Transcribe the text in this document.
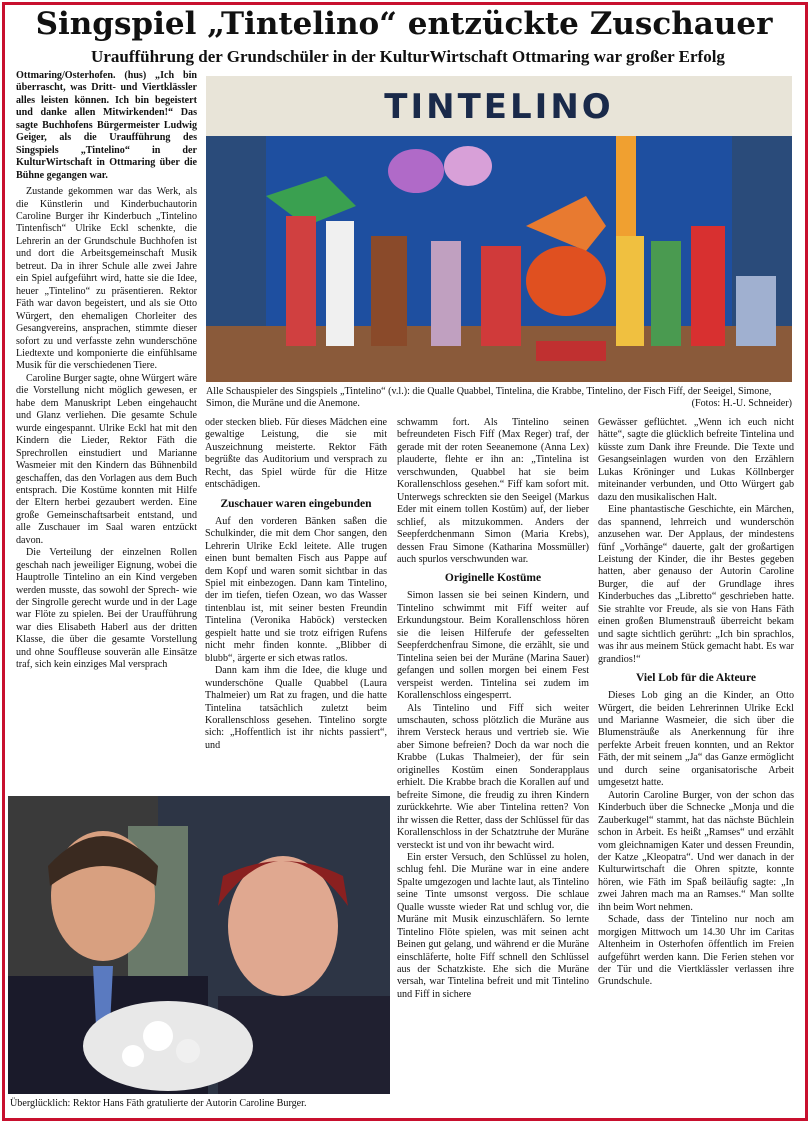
Singspiel „Tintelino“ entzückte Zuschauer
Uraufführung der Grundschüler in der KulturWirtschaft Ottmaring war großer Erfolg

Ottmaring/Osterhofen. (hus) „Ich bin überrascht, was Dritt- und Viertklässler alles leisten können. Ich bin begeistert und danke allen Mitwirkenden!“ Das sagte Buchhofens Bürgermeister Ludwig Geiger, als die Uraufführung des Singspiels „Tintelino“ in der KulturWirtschaft in Ottmaring über die Bühne gegangen war.

Zustande gekommen war das Werk, als die Künstlerin und Kinderbuchautorin Caroline Burger ihr Kinderbuch „Tintelino Tintenfisch“ Ulrike Eckl schenkte, die Lehrerin an der Grundschule Buchhofen ist und dort die Arbeitsgemeinschaft Musik betreut. Da in ihrer Schule alle zwei Jahre ein Spiel aufgeführt wird, hatte sie die Idee, heuer „Tintelino“ zu präsentieren. Rektor Fäth war davon begeistert, und als sie Otto Würgert, den ehemaligen Chorleiter des Gesangvereins, ansprachen, stimmte dieser sofort zu und verfasste zehn wunderschöne Liedtexte und komponierte die einfühlsame Musik für die verschiedenen Tiere.

Caroline Burger sagte, ohne Würgert wäre die Vorstellung nicht möglich gewesen, er habe dem Manuskript Leben eingehaucht und Glanz verliehen. Die gesamte Schule wurde eingespannt. Ulrike Eckl hat mit den Kindern die Lieder, Rektor Fäth die Sprechrollen einstudiert und Marianne Wasmeier mit den Kindern das Bühnenbild geschaffen, das den Vorlagen aus dem Buch entsprach. Die Kostüme konnten mit Hilfe der Eltern herbei gezaubert werden. Eine große Gemeinschaftsarbeit entstand, und alle Zuschauer im Saal waren entzückt davon.

Die Verteilung der einzelnen Rollen geschah nach jeweiliger Eignung, wobei die Hauptrolle Tintelino an ein Kind vergeben werden musste, das sowohl der Sprech- wie der Singrolle gerecht wurde und in der Lage war Flöte zu spielen. Bei der Uraufführung war dies Elisabeth Haberl aus der dritten Klasse, die über die gesamte Vorstellung und ohne Souffleuse souverän alle Einsätze traf, sich kein einziges Mal versprach

TINTELINO
Alle Schauspieler des Singspiels „Tintelino“ (v.l.): die Qualle Quabbel, Tintelina, die Krabbe, Tintelino, der Fisch Fiff, der Seeigel, Simone, Simon, die Muräne und die Anemone.	(Fotos: H.-U. Schneider)

oder stecken blieb. Für dieses Mädchen eine gewaltige Leistung, die sie mit Auszeichnung meisterte. Rektor Fäth begrüßte das Auditorium und versprach zu Recht, das Spiel würde für die Hitze entschädigen.

Zuschauer waren eingebunden

Auf den vorderen Bänken saßen die Schulkinder, die mit dem Chor sangen, den Lehrerin Ulrike Eckl leitete. Alle trugen einen bunt bemalten Fisch aus Pappe auf dem Kopf und waren somit sichtbar in das Spiel mit einbezogen. Dann kam Tintelino, der im tiefen, tiefen Ozean, wo das Wasser tintenblau ist, mit seiner besten Freundin Tintelina (Veronika Haböck) verstecken gespielt hatte und sie trotz eifrigen Rufens nicht mehr finden konnte. „Blibber di blubb“, ärgerte er sich etwas ratlos.

Dann kam ihm die Idee, die kluge und wunderschöne Qualle Quabbel (Laura Thalmeier) um Rat zu fragen, und die hatte Tintelina tatsächlich zuletzt beim Korallenschloss gesehen. Tintelino sorgte sich: „Hoffentlich ist ihr nichts passiert“, und

Überglücklich: Rektor Hans Fäth gratulierte der Autorin Caroline Burger.

schwamm fort. Als Tintelino seinen befreundeten Fisch Fiff (Max Reger) traf, der gerade mit der roten Seeanemone (Anna Lex) plauderte, flehte er ihn an: „Tintelina ist verschwunden, Quabbel hat sie beim Korallenschloss gesehen.“ Fiff kam sofort mit. Unterwegs schreckten sie den Seeigel (Markus Eder mit einem tollen Kostüm) auf, der lieber schlief, als mitzukommen. Anders der Seepferdchenmann Simon (Maria Krebs), dessen Frau Simone (Katharina Mossmüller) auch spurlos verschwunden war.

Originelle Kostüme

Simon lassen sie bei seinen Kindern, und Tintelino schwimmt mit Fiff weiter auf Erkundungstour. Beim Korallenschloss hören sie die leisen Hilferufe der gefesselten Seepferdchenfrau Simone, die erzählt, sie und Tintelina seien bei der Muräne (Marina Sauer) gefangen und sollen morgen bei einem Fest verspeist werden. Tintelina sei zudem im Korallenschloss eingesperrt.

Als Tintelino und Fiff sich weiter umschauten, schoss plötzlich die Muräne aus ihrem Versteck heraus und vertrieb sie. Wie aber Simone befreien? Doch da war noch die Krabbe (Lukas Thalmeier), der für sein originelles Kostüm einen Sonderapplaus erhielt. Die Krabbe brach die Korallen auf und befreite Simone, die freudig zu ihren Kindern zurückkehrte. Wie aber Tintelina retten? Von ihr wissen die Retter, dass der Schlüssel für das Korallenschloss in der Schatztruhe der Muräne versteckt ist und von ihr bewacht wird.

Ein erster Versuch, den Schlüssel zu holen, schlug fehl. Die Muräne war in eine andere Spalte umgezogen und lachte laut, als Tintelino seine Tinte umsonst vergoss. Die schlaue Qualle wusste wieder Rat und schlug vor, die Muräne mit Musik einzuschläfern. So lernte Tintelino Flöte spielen, was mit seinen acht Beinen gut gelang, und während er die Muräne einschläferte, holte Fiff schnell den Schlüssel aus der Schatzkiste. Ehe sich die Muräne versah, war Tintelina befreit und mit Tintelino und Fiff in sichere

Gewässer geflüchtet. „Wenn ich euch nicht hätte“, sagte die glücklich befreite Tintelina und küsste zum Dank ihre Freunde. Die Texte und Gesangseinlagen wurden von den Erzählern Lukas Kröninger und Lukas Köllnberger miteinander verbunden, und Otto Würgert gab dazu den musikalischen Halt.

Eine phantastische Geschichte, ein Märchen, das spannend, lehrreich und wunderschön anzusehen war. Der Applaus, der mindestens fünf „Vorhänge“ dauerte, galt der großartigen Leistung der Kinder, die ihr Bestes gegeben hatten, aber genauso der Autorin Caroline Burger, die auf der Grundlage ihres Kinderbuches das „Libretto“ geschrieben hatte. Sie strahlte vor Freude, als sie von Hans Fäth einen großen Blumenstrauß überreicht bekam und sagte sichtlich gerührt: „Ich bin sprachlos, was ihr aus meinem Stück gemacht habt. Es war grandios!“

Viel Lob für die Akteure

Dieses Lob ging an die Kinder, an Otto Würgert, die beiden Lehrerinnen Ulrike Eckl und Marianne Wasmeier, die sich über die Blumensträuße als Anerkennung für ihre perfekte Arbeit freuen konnten, und an Rektor Fäth, der mit seinem „Ja“ das Ganze ermöglicht und durch seine organisatorische Arbeit umgesetzt hatte.

Autorin Caroline Burger, von der schon das Kinderbuch über die Schnecke „Monja und die Zauberkugel“ stammt, hat das nächste Büchlein schon in Arbeit. Es heißt „Ramses“ und erzählt vom gleichnamigen Kater und dessen Freundin, der Katze „Kleopatra“. Und wer danach in der Kulturwirtschaft die Ohren spitzte, konnte hören, wie Fäth im Spaß beiläufig sagte: „In zwei Jahren mach ma an Ramses.“ Man sollte ihn beim Wort nehmen.

Schade, dass der Tintelino nur noch am morgigen Mittwoch um 14.30 Uhr im Caritas Altenheim in Osterhofen öffentlich im Freien aufgeführt werden kann. Die Ferien stehen vor der Tür und die Viertklässler verlassen ihre Grundschule.
